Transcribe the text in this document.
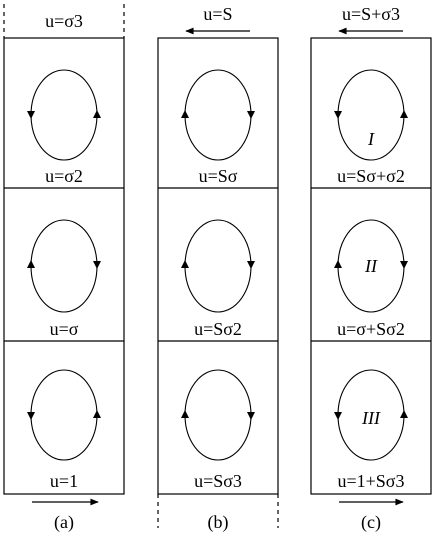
u=σ3
u=σ2
u=σ
u=1
(a)
u=S
u=Sσ
u=Sσ2
u=Sσ3
(b)
I
II
III
u=S+σ3
u=Sσ+σ2
u=σ+Sσ2
u=1+Sσ3
(c)
